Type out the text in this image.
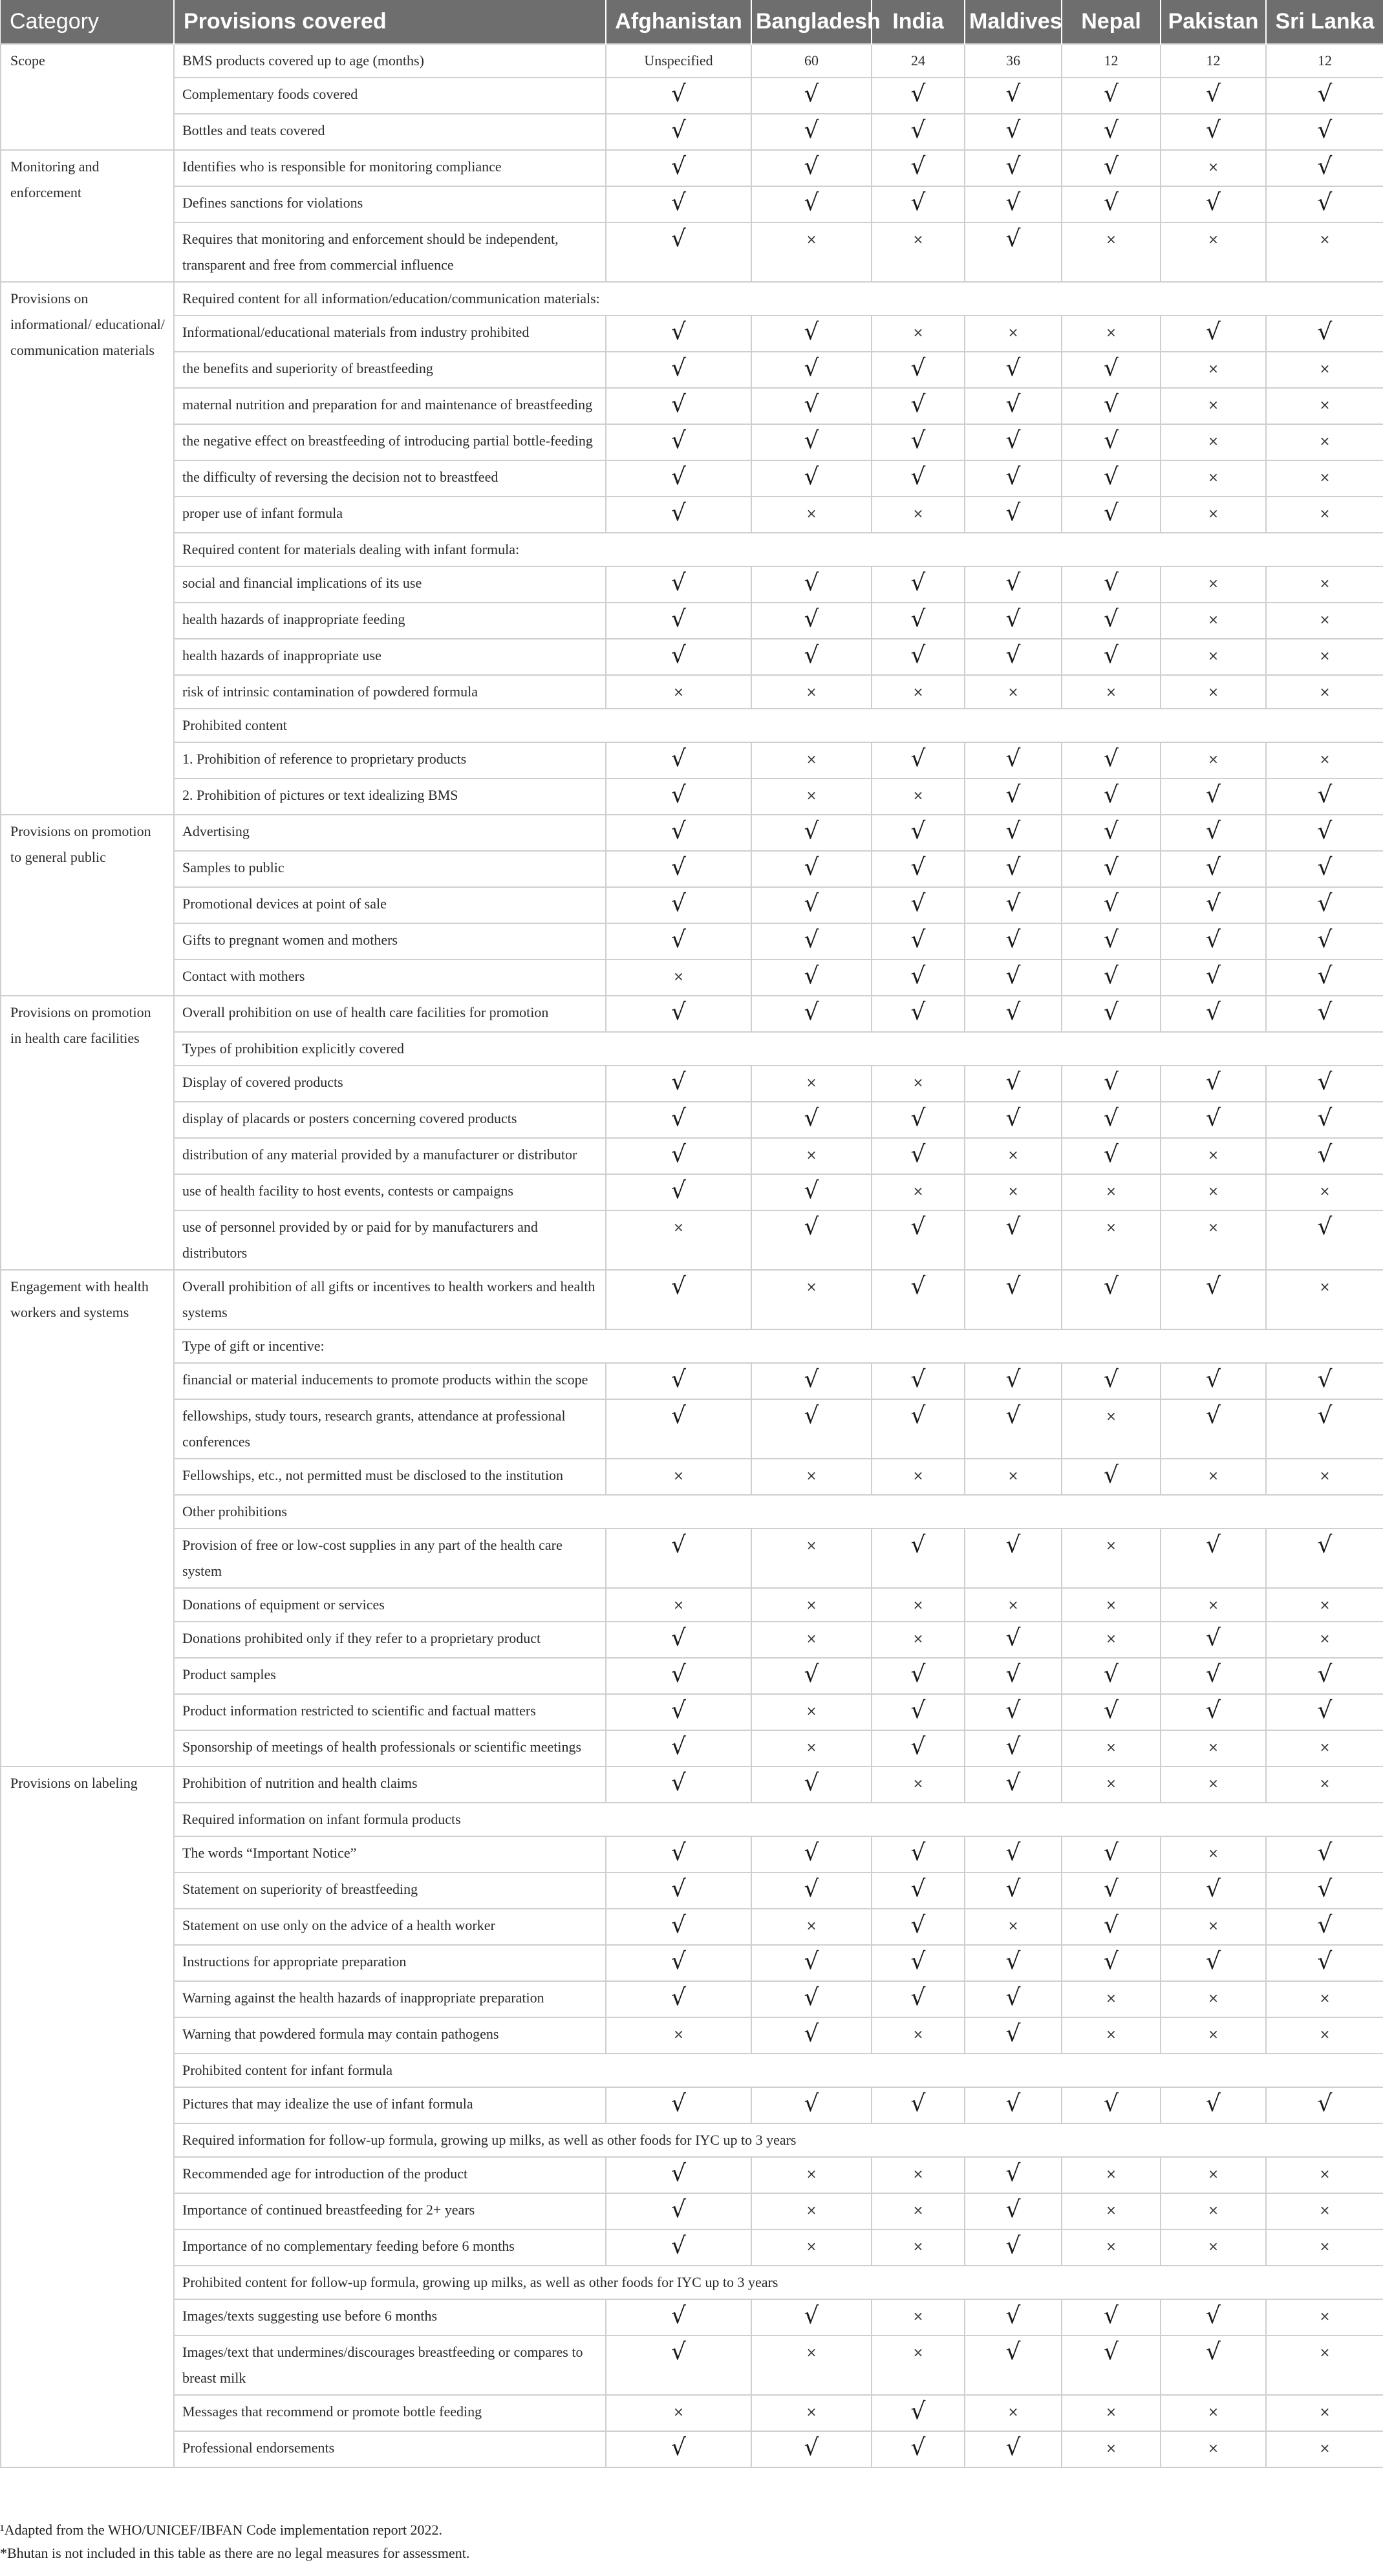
Category	Provisions covered	Afghanistan	Bangladesh	India	Maldives	Nepal	Pakistan	Sri Lanka
Scope	BMS products covered up to age (months)	Unspecified	60	24	36	12	12	12
	Complementary foods covered	√	√	√	√	√	√	√
	Bottles and teats covered	√	√	√	√	√	√	√
Monitoring and enforcement	Identifies who is responsible for monitoring compliance	√	√	√	√	√	×	√
	Defines sanctions for violations	√	√	√	√	√	√	√
	Requires that monitoring and enforcement should be independent, transparent and free from commercial influence	√	×	×	√	×	×	×
Provisions on informational/ educational/ communication materials	Required content for all information/education/communication materials:							
	Informational/educational materials from industry prohibited	√	√	×	×	×	√	√
	the benefits and superiority of breastfeeding	√	√	√	√	√	×	×
	maternal nutrition and preparation for and maintenance of breastfeeding	√	√	√	√	√	×	×
	the negative effect on breastfeeding of introducing partial bottle-feeding	√	√	√	√	√	×	×
	the difficulty of reversing the decision not to breastfeed	√	√	√	√	√	×	×
	proper use of infant formula	√	×	×	√	√	×	×
	Required content for materials dealing with infant formula:							
	social and financial implications of its use	√	√	√	√	√	×	×
	health hazards of inappropriate feeding	√	√	√	√	√	×	×
	health hazards of inappropriate use	√	√	√	√	√	×	×
	risk of intrinsic contamination of powdered formula	×	×	×	×	×	×	×
	Prohibited content							
	1. Prohibition of reference to proprietary products	√	×	√	√	√	×	×
	2. Prohibition of pictures or text idealizing BMS	√	×	×	√	√	√	√
Provisions on promotion to general public	Advertising	√	√	√	√	√	√	√
	Samples to public	√	√	√	√	√	√	√
	Promotional devices at point of sale	√	√	√	√	√	√	√
	Gifts to pregnant women and mothers	√	√	√	√	√	√	√
	Contact with mothers	×	√	√	√	√	√	√
Provisions on promotion in health care facilities	Overall prohibition on use of health care facilities for promotion	√	√	√	√	√	√	√
	Types of prohibition explicitly covered							
	Display of covered products	√	×	×	√	√	√	√
	display of placards or posters concerning covered products	√	√	√	√	√	√	√
	distribution of any material provided by a manufacturer or distributor	√	×	√	×	√	×	√
	use of health facility to host events, contests or campaigns	√	√	×	×	×	×	×
	use of personnel provided by or paid for by manufacturers and distributors	×	√	√	√	×	×	√
Engagement with health workers and systems	Overall prohibition of all gifts or incentives to health workers and health systems	√	×	√	√	√	√	×
	Type of gift or incentive:							
	financial or material inducements to promote products within the scope	√	√	√	√	√	√	√
	fellowships, study tours, research grants, attendance at professional conferences	√	√	√	√	×	√	√
	Fellowships, etc., not permitted must be disclosed to the institution	×	×	×	×	√	×	×
	Other prohibitions							
	Provision of free or low-cost supplies in any part of the health care system	√	×	√	√	×	√	√
	Donations of equipment or services	×	×	×	×	×	×	×
	Donations prohibited only if they refer to a proprietary product	√	×	×	√	×	√	×
	Product samples	√	√	√	√	√	√	√
	Product information restricted to scientific and factual matters	√	×	√	√	√	√	√
	Sponsorship of meetings of health professionals or scientific meetings	√	×	√	√	×	×	×
Provisions on labeling	Prohibition of nutrition and health claims	√	√	×	√	×	×	×
	Required information on infant formula products							
	The words “Important Notice”	√	√	√	√	√	×	√
	Statement on superiority of breastfeeding	√	√	√	√	√	√	√
	Statement on use only on the advice of a health worker	√	×	√	×	√	×	√
	Instructions for appropriate preparation	√	√	√	√	√	√	√
	Warning against the health hazards of inappropriate preparation	√	√	√	√	×	×	×
	Warning that powdered formula may contain pathogens	×	√	×	√	×	×	×
	Prohibited content for infant formula							
	Pictures that may idealize the use of infant formula	√	√	√	√	√	√	√
	Required information for follow-up formula, growing up milks, as well as other foods for IYC up to 3 years							
	Recommended age for introduction of the product	√	×	×	√	×	×	×
	Importance of continued breastfeeding for 2+ years	√	×	×	√	×	×	×
	Importance of no complementary feeding before 6 months	√	×	×	√	×	×	×
	Prohibited content for follow-up formula, growing up milks, as well as other foods for IYC up to 3 years							
	Images/texts suggesting use before 6 months	√	√	×	√	√	√	×
	Images/text that undermines/discourages breastfeeding or compares to breast milk	√	×	×	√	√	√	×
	Messages that recommend or promote bottle feeding	×	×	√	×	×	×	×
	Professional endorsements	√	√	√	√	×	×	×
¹Adapted from the WHO/UNICEF/IBFAN Code implementation report 2022.
*Bhutan is not included in this table as there are no legal measures for assessment.
